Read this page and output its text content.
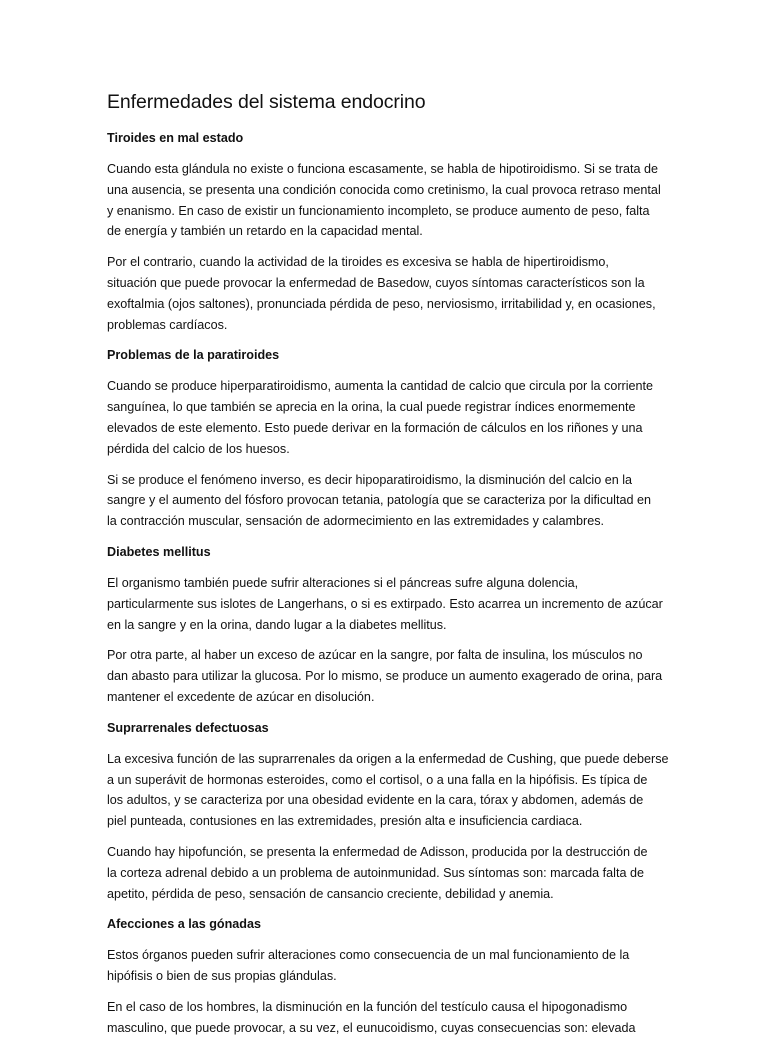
Enfermedades del sistema endocrino
Tiroides en mal estado

Cuando esta glándula no existe o funciona escasamente, se habla de hipotiroidismo. Si se trata de
una ausencia, se presenta una condición conocida como cretinismo, la cual provoca retraso mental
y enanismo. En caso de existir un funcionamiento incompleto, se produce aumento de peso, falta
de energía y también un retardo en la capacidad mental.

Por el contrario, cuando la actividad de la tiroides es excesiva se habla de hipertiroidismo,
situación que puede provocar la enfermedad de Basedow, cuyos síntomas característicos son la
exoftalmia (ojos saltones), pronunciada pérdida de peso, nerviosismo, irritabilidad y, en ocasiones,
problemas cardíacos.

Problemas de la paratiroides

Cuando se produce hiperparatiroidismo, aumenta la cantidad de calcio que circula por la corriente
sanguínea, lo que también se aprecia en la orina, la cual puede registrar índices enormemente
elevados de este elemento. Esto puede derivar en la formación de cálculos en los riñones y una
pérdida del calcio de los huesos.

Si se produce el fenómeno inverso, es decir hipoparatiroidismo, la disminución del calcio en la
sangre y el aumento del fósforo provocan tetania, patología que se caracteriza por la dificultad en
la contracción muscular, sensación de adormecimiento en las extremidades y calambres.

Diabetes mellitus

El organismo también puede sufrir alteraciones si el páncreas sufre alguna dolencia,
particularmente sus islotes de Langerhans, o si es extirpado. Esto acarrea un incremento de azúcar
en la sangre y en la orina, dando lugar a la diabetes mellitus.

Por otra parte, al haber un exceso de azúcar en la sangre, por falta de insulina, los músculos no
dan abasto para utilizar la glucosa. Por lo mismo, se produce un aumento exagerado de orina, para
mantener el excedente de azúcar en disolución.

Suprarrenales defectuosas

La excesiva función de las suprarrenales da origen a la enfermedad de Cushing, que puede deberse
a un superávit de hormonas esteroides, como el cortisol, o a una falla en la hipófisis. Es típica de
los adultos, y se caracteriza por una obesidad evidente en la cara, tórax y abdomen, además de
piel punteada, contusiones en las extremidades, presión alta e insuficiencia cardiaca.

Cuando hay hipofunción, se presenta la enfermedad de Adisson, producida por la destrucción de
la corteza adrenal debido a un problema de autoinmunidad. Sus síntomas son: marcada falta de
apetito, pérdida de peso, sensación de cansancio creciente, debilidad y anemia.

Afecciones a las gónadas

Estos órganos pueden sufrir alteraciones como consecuencia de un mal funcionamiento de la
hipófisis o bien de sus propias glándulas.

En el caso de los hombres, la disminución en la función del testículo causa el hipogonadismo
masculino, que puede provocar, a su vez, el eunucoidismo, cuyas consecuencias son: elevada
